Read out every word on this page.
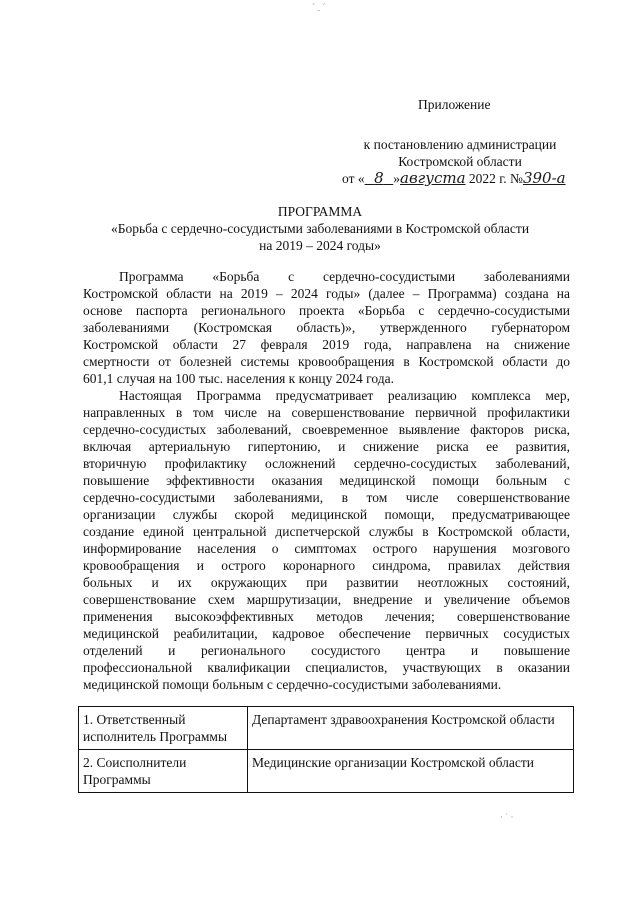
Приложение
к постановлению администрации
Костромской области
от « 8 »августа 2022 г. №390-а
ПРОГРАММА
«Борьба с сердечно-сосудистыми заболеваниями в Костромской области
на 2019 – 2024 годы»
Программа «Борьба с сердечно-сосудистыми заболеваниями
Костромской области на 2019 – 2024 годы» (далее – Программа) создана на
основе паспорта регионального проекта «Борьба с сердечно-сосудистыми
заболеваниями (Костромская область)», утвержденного губернатором
Костромской области 27 февраля 2019 года, направлена на снижение
смертности от болезней системы кровообращения в Костромской области до
601,1 случая на 100 тыс. населения к концу 2024 года.
Настоящая Программа предусматривает реализацию комплекса мер,
направленных в том числе на совершенствование первичной профилактики
сердечно-сосудистых заболеваний, своевременное выявление факторов риска,
включая артериальную гипертонию, и снижение риска ее развития,
вторичную профилактику осложнений сердечно-сосудистых заболеваний,
повышение эффективности оказания медицинской помощи больным с
сердечно-сосудистыми заболеваниями, в том числе совершенствование
организации службы скорой медицинской помощи, предусматривающее
создание единой центральной диспетчерской службы в Костромской области,
информирование населения о симптомах острого нарушения мозгового
кровообращения и острого коронарного синдрома, правилах действия
больных и их окружающих при развитии неотложных состояний,
совершенствование схем маршрутизации, внедрение и увеличение объемов
применения высокоэффективных методов лечения; совершенствование
медицинской реабилитации, кадровое обеспечение первичных сосудистых
отделений и регионального сосудистого центра и повышение
профессиональной квалификации специалистов, участвующих в оказании
медицинской помощи больным с сердечно-сосудистыми заболеваниями.
1. Ответственный исполнитель Программы	Департамент здравоохранения Костромской области
2. Соисполнители Программы	Медицинские организации Костромской области
ˋ ˍ ˊ
· ˙ ·
